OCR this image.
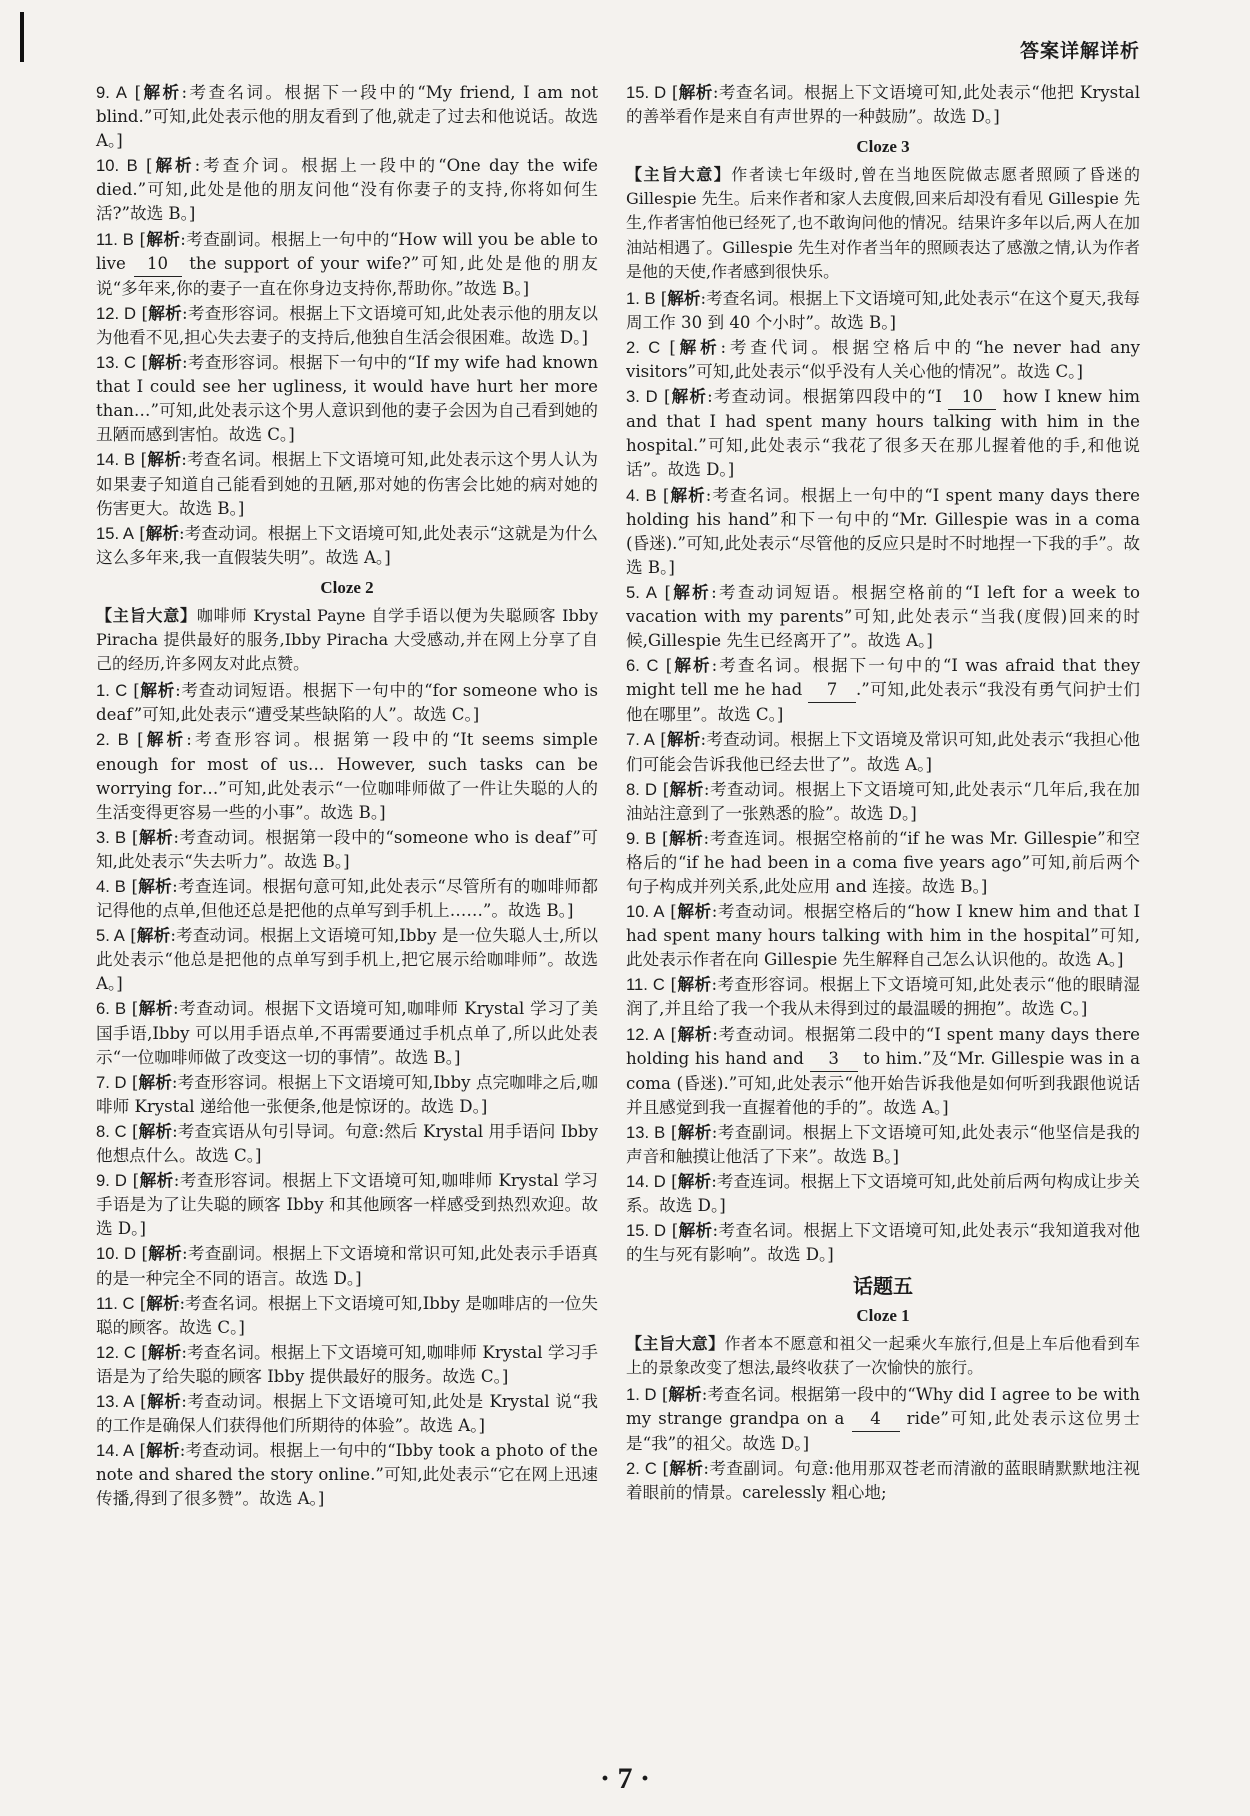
答案详解详析

9. A [解析:考查名词。根据下一段中的“My friend, I am not blind.”可知,此处表示他的朋友看到了他,就走了过去和他说话。故选 A。]

10. B [解析:考查介词。根据上一段中的“One day the wife died.”可知,此处是他的朋友问他“没有你妻子的支持,你将如何生活?”故选 B。]

11. B [解析:考查副词。根据上一句中的“How will you be able to live 10 the support of your wife?”可知,此处是他的朋友说“多年来,你的妻子一直在你身边支持你,帮助你。”故选 B。]

12. D [解析:考查形容词。根据上下文语境可知,此处表示他的朋友以为他看不见,担心失去妻子的支持后,他独自生活会很困难。故选 D。]

13. C [解析:考查形容词。根据下一句中的“If my wife had known that I could see her ugliness, it would have hurt her more than…”可知,此处表示这个男人意识到他的妻子会因为自己看到她的丑陋而感到害怕。故选 C。]

14. B [解析:考查名词。根据上下文语境可知,此处表示这个男人认为如果妻子知道自己能看到她的丑陋,那对她的伤害会比她的病对她的伤害更大。故选 B。]

15. A [解析:考查动词。根据上下文语境可知,此处表示“这就是为什么这么多年来,我一直假装失明”。故选 A。]

Cloze 2

【主旨大意】咖啡师 Krystal Payne 自学手语以便为失聪顾客 Ibby Piracha 提供最好的服务,Ibby Piracha 大受感动,并在网上分享了自己的经历,许多网友对此点赞。

1. C [解析:考查动词短语。根据下一句中的“for someone who is deaf”可知,此处表示“遭受某些缺陷的人”。故选 C。]

2. B [解析:考查形容词。根据第一段中的“It seems simple enough for most of us… However, such tasks can be worrying for…”可知,此处表示“一位咖啡师做了一件让失聪的人的生活变得更容易一些的小事”。故选 B。]

3. B [解析:考查动词。根据第一段中的“someone who is deaf”可知,此处表示“失去听力”。故选 B。]

4. B [解析:考查连词。根据句意可知,此处表示“尽管所有的咖啡师都记得他的点单,但他还总是把他的点单写到手机上……”。故选 B。]

5. A [解析:考查动词。根据上文语境可知,Ibby 是一位失聪人士,所以此处表示“他总是把他的点单写到手机上,把它展示给咖啡师”。故选 A。]

6. B [解析:考查动词。根据下文语境可知,咖啡师 Krystal 学习了美国手语,Ibby 可以用手语点单,不再需要通过手机点单了,所以此处表示“一位咖啡师做了改变这一切的事情”。故选 B。]

7. D [解析:考查形容词。根据上下文语境可知,Ibby 点完咖啡之后,咖啡师 Krystal 递给他一张便条,他是惊讶的。故选 D。]

8. C [解析:考查宾语从句引导词。句意:然后 Krystal 用手语问 Ibby 他想点什么。故选 C。]

9. D [解析:考查形容词。根据上下文语境可知,咖啡师 Krystal 学习手语是为了让失聪的顾客 Ibby 和其他顾客一样感受到热烈欢迎。故选 D。]

10. D [解析:考查副词。根据上下文语境和常识可知,此处表示手语真的是一种完全不同的语言。故选 D。]

11. C [解析:考查名词。根据上下文语境可知,Ibby 是咖啡店的一位失聪的顾客。故选 C。]

12. C [解析:考查名词。根据上下文语境可知,咖啡师 Krystal 学习手语是为了给失聪的顾客 Ibby 提供最好的服务。故选 C。]

13. A [解析:考查动词。根据上下文语境可知,此处是 Krystal 说“我的工作是确保人们获得他们所期待的体验”。故选 A。]

14. A [解析:考查动词。根据上一句中的“Ibby took a photo of the note and shared the story online.”可知,此处表示“它在网上迅速传播,得到了很多赞”。故选 A。]

15. D [解析:考查名词。根据上下文语境可知,此处表示“他把 Krystal 的善举看作是来自有声世界的一种鼓励”。故选 D。]

Cloze 3

【主旨大意】作者读七年级时,曾在当地医院做志愿者照顾了昏迷的 Gillespie 先生。后来作者和家人去度假,回来后却没有看见 Gillespie 先生,作者害怕他已经死了,也不敢询问他的情况。结果许多年以后,两人在加油站相遇了。Gillespie 先生对作者当年的照顾表达了感激之情,认为作者是他的天使,作者感到很快乐。

1. B [解析:考查名词。根据上下文语境可知,此处表示“在这个夏天,我每周工作 30 到 40 个小时”。故选 B。]

2. C [解析:考查代词。根据空格后中的“he never had any visitors”可知,此处表示“似乎没有人关心他的情况”。故选 C。]

3. D [解析:考查动词。根据第四段中的“I 10 how I knew him and that I had spent many hours talking with him in the hospital.”可知,此处表示“我花了很多天在那儿握着他的手,和他说话”。故选 D。]

4. B [解析:考查名词。根据上一句中的“I spent many days there holding his hand”和下一句中的“Mr. Gillespie was in a coma (昏迷).”可知,此处表示“尽管他的反应只是时不时地捏一下我的手”。故选 B。]

5. A [解析:考查动词短语。根据空格前的“I left for a week to vacation with my parents”可知,此处表示“当我(度假)回来的时候,Gillespie 先生已经离开了”。故选 A。]

6. C [解析:考查名词。根据下一句中的“I was afraid that they might tell me he had 7 .”可知,此处表示“我没有勇气问护士们他在哪里”。故选 C。]

7. A [解析:考查动词。根据上下文语境及常识可知,此处表示“我担心他们可能会告诉我他已经去世了”。故选 A。]

8. D [解析:考查动词。根据上下文语境可知,此处表示“几年后,我在加油站注意到了一张熟悉的脸”。故选 D。]

9. B [解析:考查连词。根据空格前的“if he was Mr. Gillespie”和空格后的“if he had been in a coma five years ago”可知,前后两个句子构成并列关系,此处应用 and 连接。故选 B。]

10. A [解析:考查动词。根据空格后的“how I knew him and that I had spent many hours talking with him in the hospital”可知,此处表示作者在向 Gillespie 先生解释自己怎么认识他的。故选 A。]

11. C [解析:考查形容词。根据上下文语境可知,此处表示“他的眼睛湿润了,并且给了我一个我从未得到过的最温暖的拥抱”。故选 C。]

12. A [解析:考查动词。根据第二段中的“I spent many days there holding his hand and 3 to him.”及“Mr. Gillespie was in a coma (昏迷).”可知,此处表示“他开始告诉我他是如何听到我跟他说话并且感觉到我一直握着他的手的”。故选 A。]

13. B [解析:考查副词。根据上下文语境可知,此处表示“他坚信是我的声音和触摸让他活了下来”。故选 B。]

14. D [解析:考查连词。根据上下文语境可知,此处前后两句构成让步关系。故选 D。]

15. D [解析:考查名词。根据上下文语境可知,此处表示“我知道我对他的生与死有影响”。故选 D。]

话题五
Cloze 1

【主旨大意】作者本不愿意和祖父一起乘火车旅行,但是上车后他看到车上的景象改变了想法,最终收获了一次愉快的旅行。

1. D [解析:考查名词。根据第一段中的“Why did I agree to be with my strange grandpa on a 4 ride”可知,此处表示这位男士是“我”的祖父。故选 D。]

2. C [解析:考查副词。句意:他用那双苍老而清澈的蓝眼睛默默地注视着眼前的情景。carelessly 粗心地;

· 7 ·
